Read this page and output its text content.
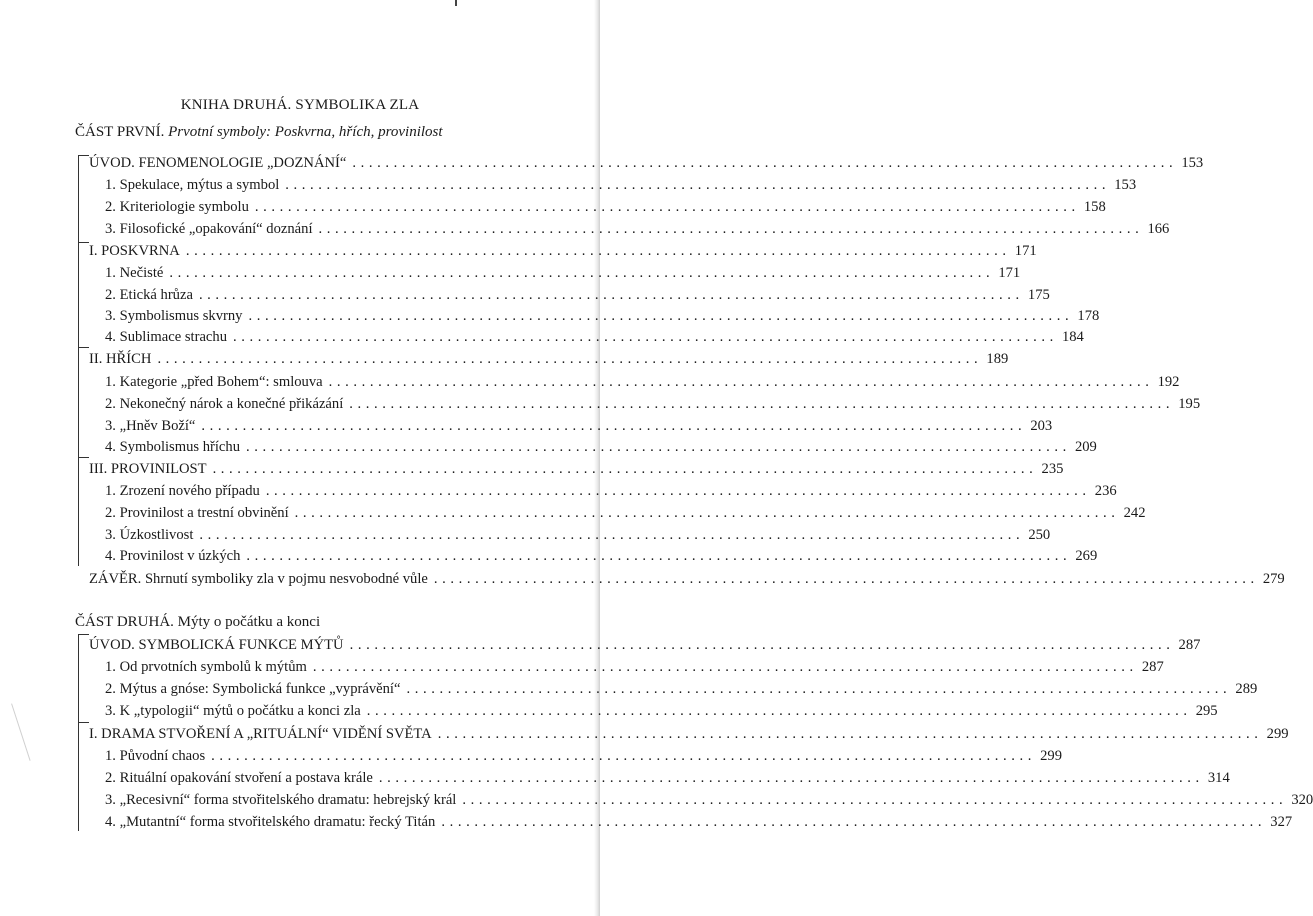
KNIHA DRUHÁ. SYMBOLIKA ZLA
ČÁST PRVNÍ. Prvotní symboly: Poskvrna, hřích, provinilost
ČÁST DRUHÁ. Mýty o počátku a konci
ÚVOD. FENOMENOLOGIE „DOZNÁNÍ“ .................................................................................................... 153
1. Spekulace, mýtus a symbol .................................................................................................... 153
2. Kriteriologie symbolu .................................................................................................... 158
3. Filosofické „opakování“ doznání .................................................................................................... 166
I. POSKVRNA .................................................................................................... 171
1. Nečisté .................................................................................................... 171
2. Etická hrůza .................................................................................................... 175
3. Symbolismus skvrny .................................................................................................... 178
4. Sublimace strachu .................................................................................................... 184
II. HŘÍCH .................................................................................................... 189
1. Kategorie „před Bohem“: smlouva .................................................................................................... 192
2. Nekonečný nárok a konečné přikázání .................................................................................................... 195
3. „Hněv Boží“ .................................................................................................... 203
4. Symbolismus hříchu .................................................................................................... 209
III. PROVINILOST .................................................................................................... 235
1. Zrození nového případu .................................................................................................... 236
2. Provinilost a trestní obvinění .................................................................................................... 242
3. Úzkostlivost .................................................................................................... 250
4. Provinilost v úzkých .................................................................................................... 269
ZÁVĚR. Shrnutí symboliky zla v pojmu nesvobodné vůle .................................................................................................... 279
ÚVOD. SYMBOLICKÁ FUNKCE MÝTŮ .................................................................................................... 287
1. Od prvotních symbolů k mýtům .................................................................................................... 287
2. Mýtus a gnóse: Symbolická funkce „vyprávění“ .................................................................................................... 289
3. K „typologii“ mýtů o počátku a konci zla .................................................................................................... 295
I. DRAMA STVOŘENÍ A „RITUÁLNÍ“ VIDĚNÍ SVĚTA .................................................................................................... 299
1. Původní chaos .................................................................................................... 299
2. Rituální opakování stvoření a postava krále .................................................................................................... 314
3. „Recesivní“ forma stvořitelského dramatu: hebrejský král .................................................................................................... 320
4. „Mutantní“ forma stvořitelského dramatu: řecký Titán .................................................................................................... 327
